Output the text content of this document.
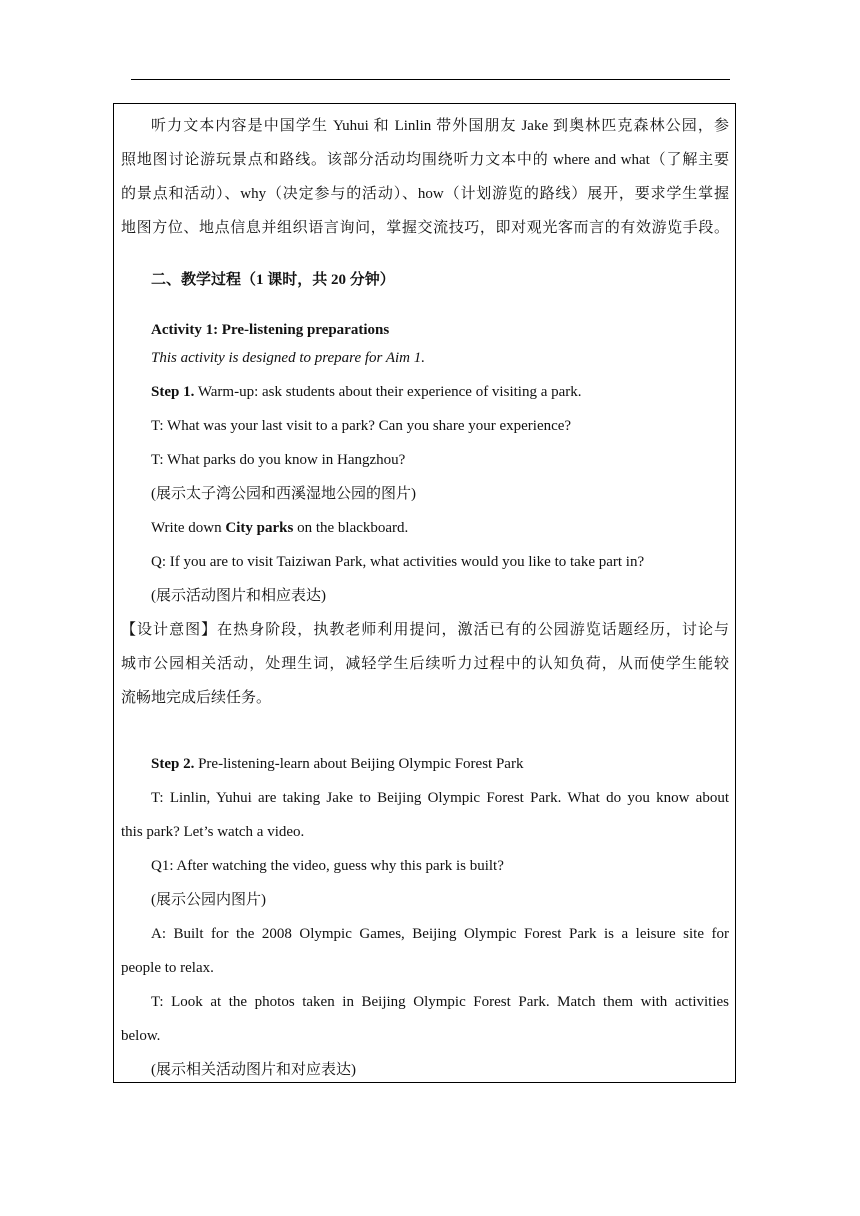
听力文本内容是中国学生 Yuhui 和 Linlin 带外国朋友 Jake 到奥林匹克森林公园，参
照地图讨论游玩景点和路线。该部分活动均围绕听力文本中的 where and what（了解主要
的景点和活动）、why（决定参与的活动）、how（计划游览的路线）展开，要求学生掌握
地图方位、地点信息并组织语言询问，掌握交流技巧，即对观光客而言的有效游览手段。
二、教学过程（1 课时，共 20 分钟）
Activity 1: Pre-listening preparations
This activity is designed to prepare for Aim 1.
Step 1. Warm-up: ask students about their experience of visiting a park.
T: What was your last visit to a park? Can you share your experience?
T: What parks do you know in Hangzhou?
(展示太子湾公园和西溪湿地公园的图片)
Write down City parks on the blackboard.
Q: If you are to visit Taiziwan Park, what activities would you like to take part in?
(展示活动图片和相应表达)
【设计意图】在热身阶段，执教老师利用提问，激活已有的公园游览话题经历，讨论与
城市公园相关活动，处理生词，减轻学生后续听力过程中的认知负荷，从而使学生能较
流畅地完成后续任务。
Step 2. Pre-listening-learn about Beijing Olympic Forest Park
T: Linlin, Yuhui are taking Jake to Beijing Olympic Forest Park. What do you know about
this park? Let’s watch a video.
Q1: After watching the video, guess why this park is built?
(展示公园内图片)
A: Built for the 2008 Olympic Games, Beijing Olympic Forest Park is a leisure site for
people to relax.
T: Look at the photos taken in Beijing Olympic Forest Park. Match them with activities
below.
(展示相关活动图片和对应表达)
